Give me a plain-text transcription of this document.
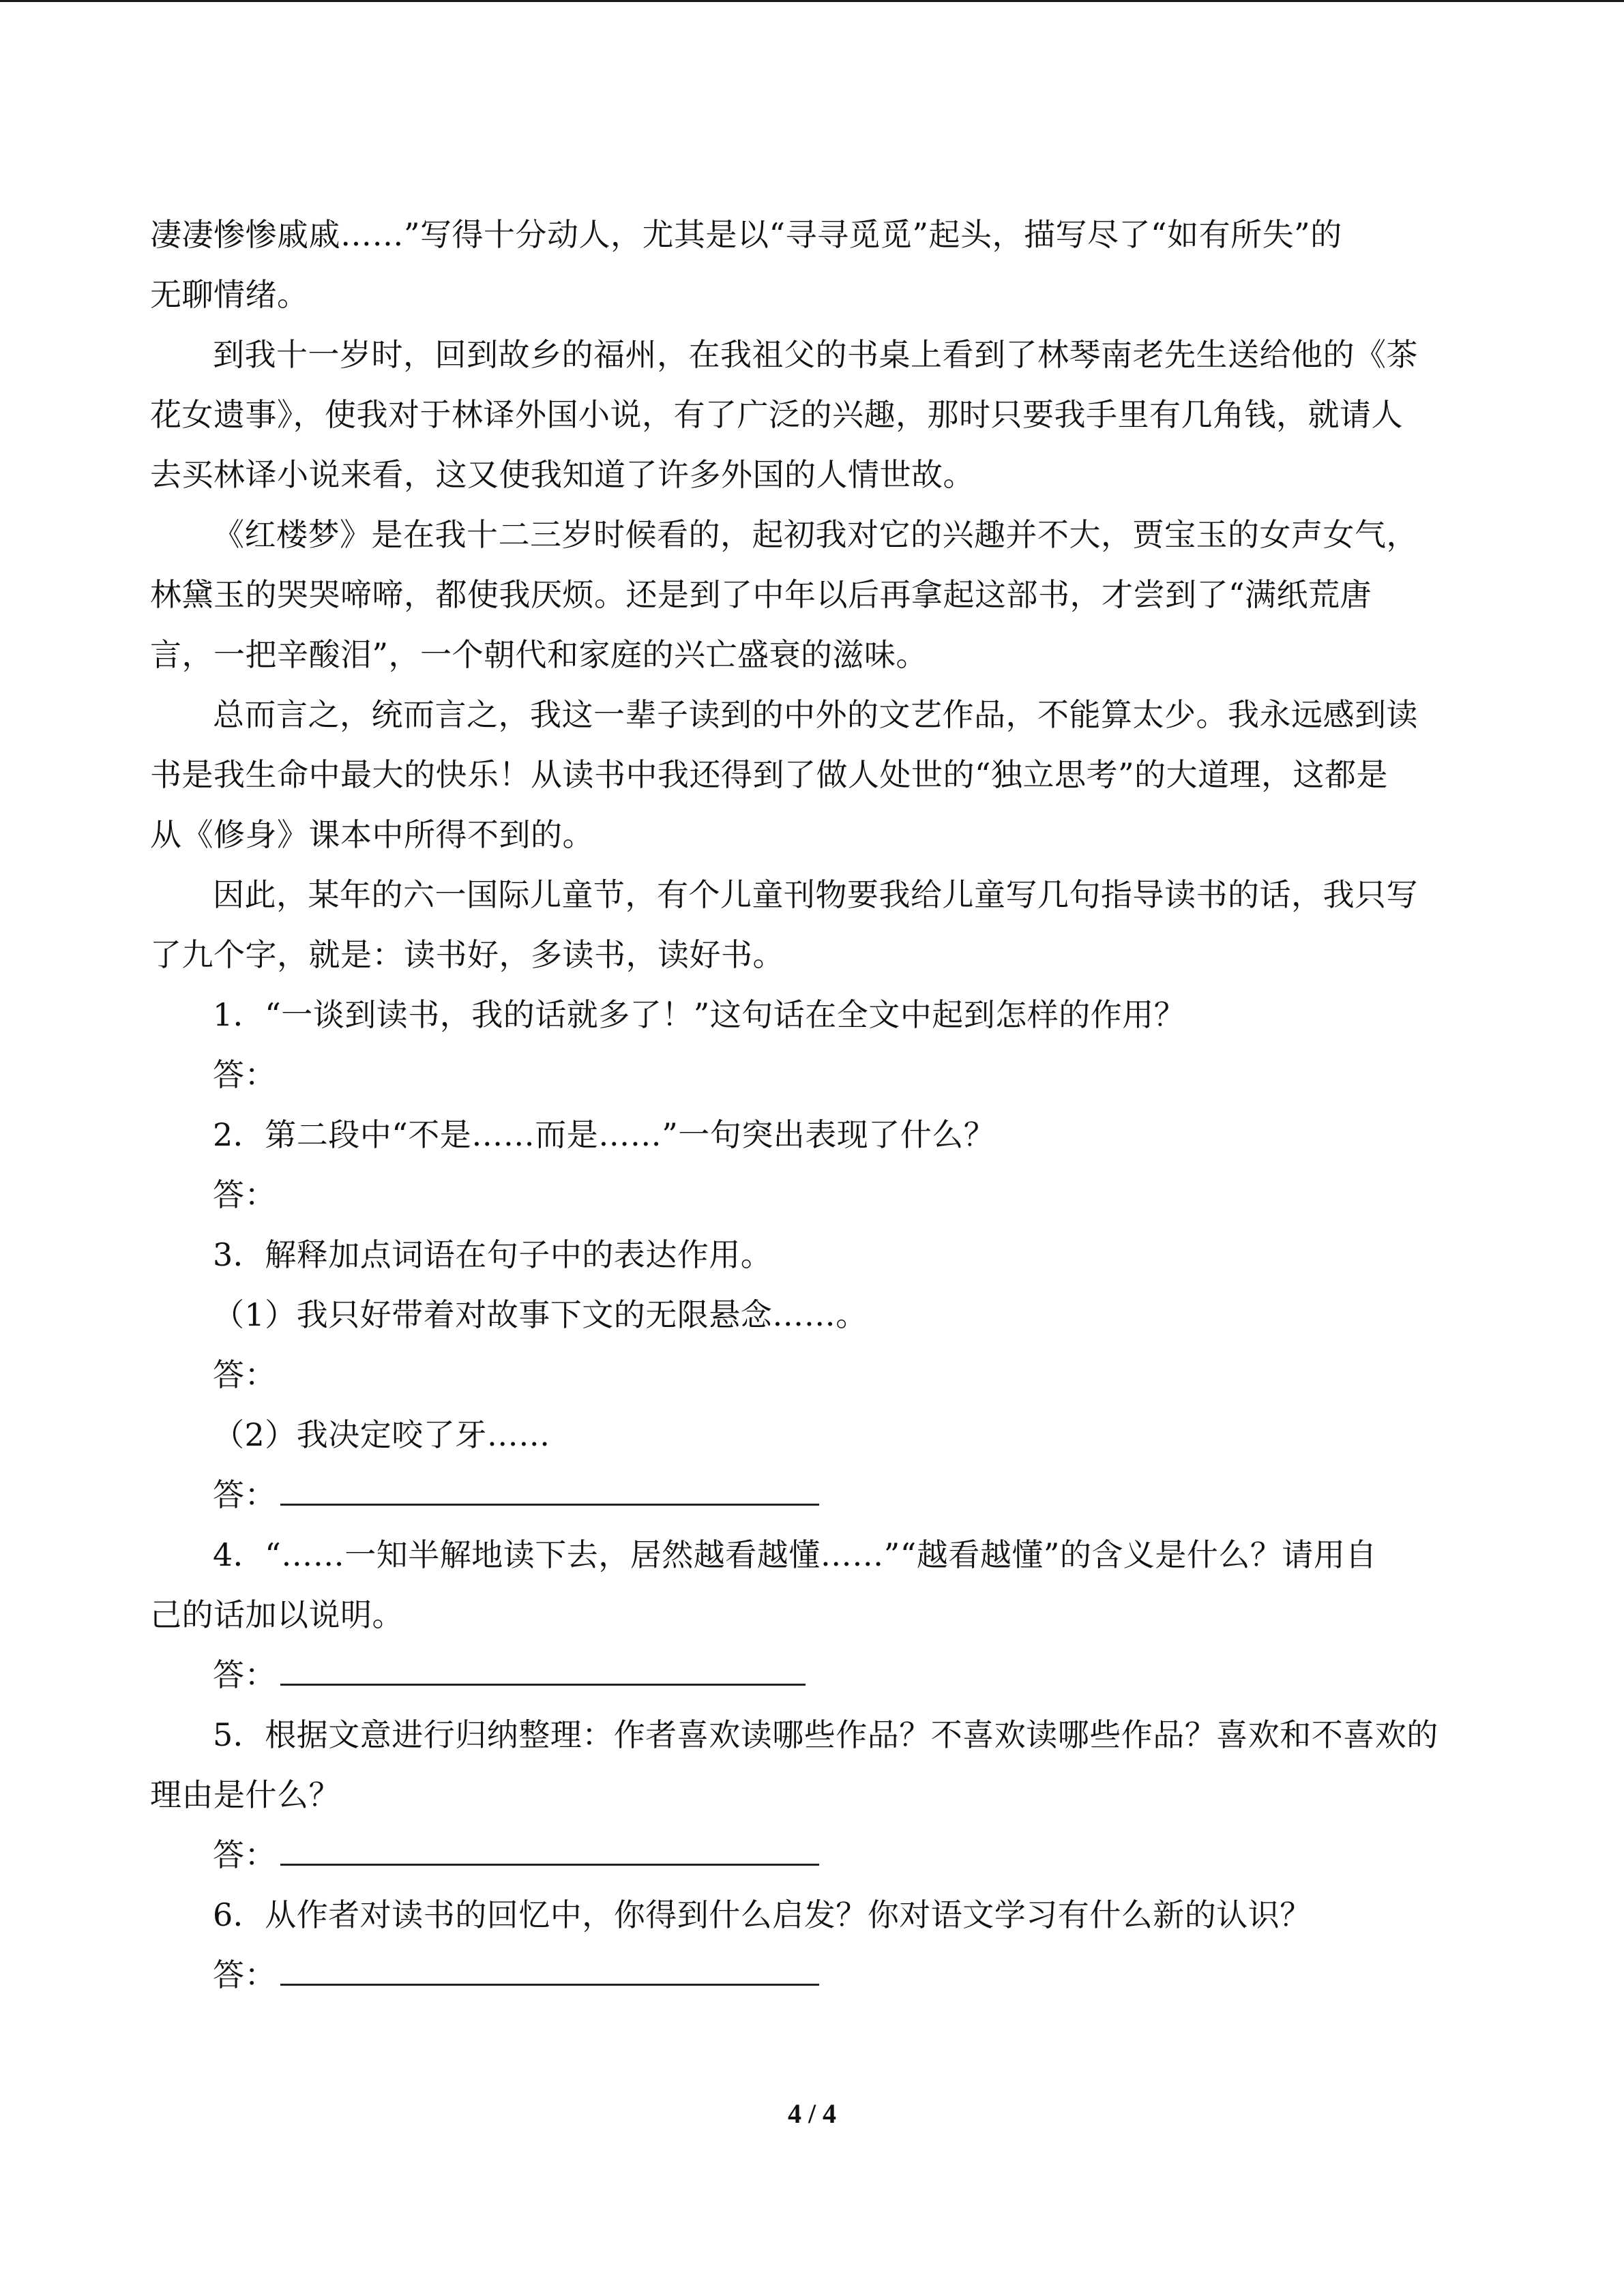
凄凄惨惨戚戚……”写得十分动人，尤其是以“寻寻觅觅”起头，描写尽了“如有所失”的
无聊情绪。
到我十一岁时，回到故乡的福州，在我祖父的书桌上看到了林琴南老先生送给他的《茶
花女遗事》，使我对于林译外国小说，有了广泛的兴趣，那时只要我手里有几角钱，就请人
去买林译小说来看，这又使我知道了许多外国的人情世故。
《红楼梦》是在我十二三岁时候看的，起初我对它的兴趣并不大，贾宝玉的女声女气，
林黛玉的哭哭啼啼，都使我厌烦。还是到了中年以后再拿起这部书，才尝到了“满纸荒唐
言，一把辛酸泪”，一个朝代和家庭的兴亡盛衰的滋味。
总而言之，统而言之，我这一辈子读到的中外的文艺作品，不能算太少。我永远感到读
书是我生命中最大的快乐！从读书中我还得到了做人处世的“独立思考”的大道理，这都是
从《修身》课本中所得不到的。
因此，某年的六一国际儿童节，有个儿童刊物要我给儿童写几句指导读书的话，我只写
了九个字，就是：读书好，多读书，读好书。
1．“一谈到读书，我的话就多了！”这句话在全文中起到怎样的作用？
答：
2．第二段中“不是……而是……”一句突出表现了什么？
答：
3．解释加点词语在句子中的表达作用。
（1）我只好带着对故事下文的无限悬念……。
答：
（2）我决定咬了牙……
答：
4．“……一知半解地读下去，居然越看越懂……”“越看越懂”的含义是什么？请用自
己的话加以说明。
答：
5．根据文意进行归纳整理：作者喜欢读哪些作品？不喜欢读哪些作品？喜欢和不喜欢的
理由是什么？
答：
6．从作者对读书的回忆中，你得到什么启发？你对语文学习有什么新的认识？
答：
4 / 4
